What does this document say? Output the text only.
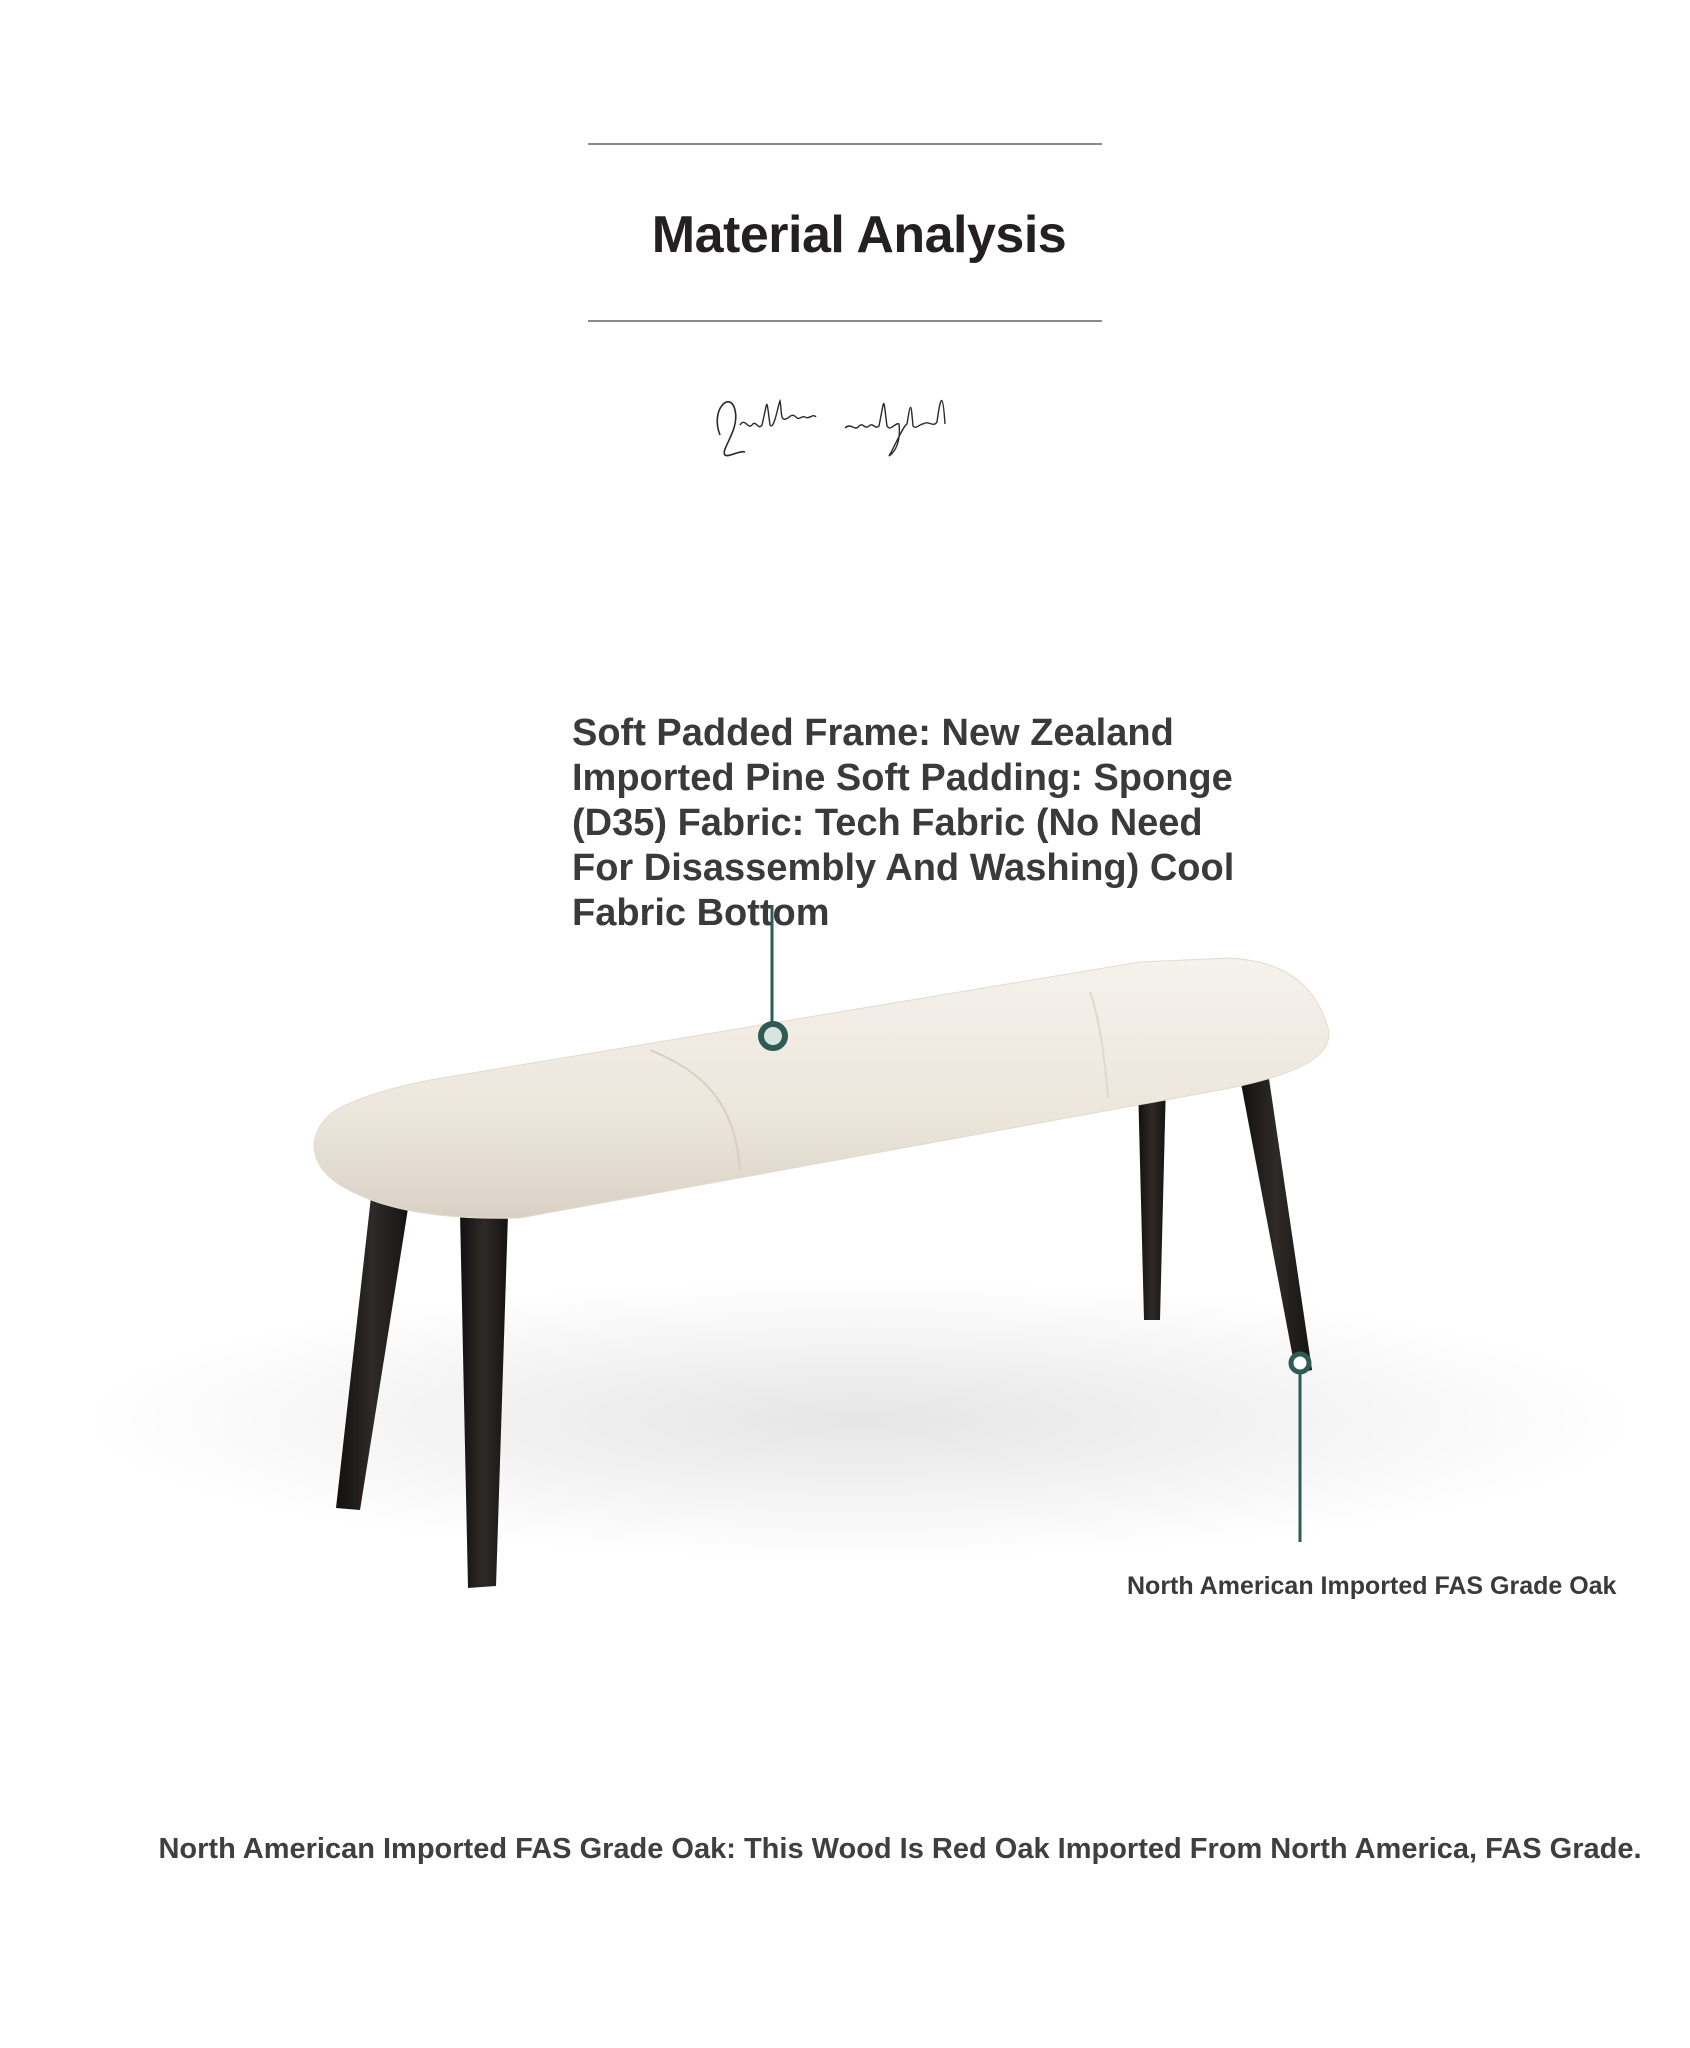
Material Analysis

Soft Padded Frame: New Zealand Imported Pine Soft Padding: Sponge (D35) Fabric: Tech Fabric (No Need For Disassembly And Washing) Cool Fabric Bottom

North American Imported FAS Grade Oak
North American Imported FAS Grade Oak: This Wood Is Red Oak Imported From North America, FAS Grade.
